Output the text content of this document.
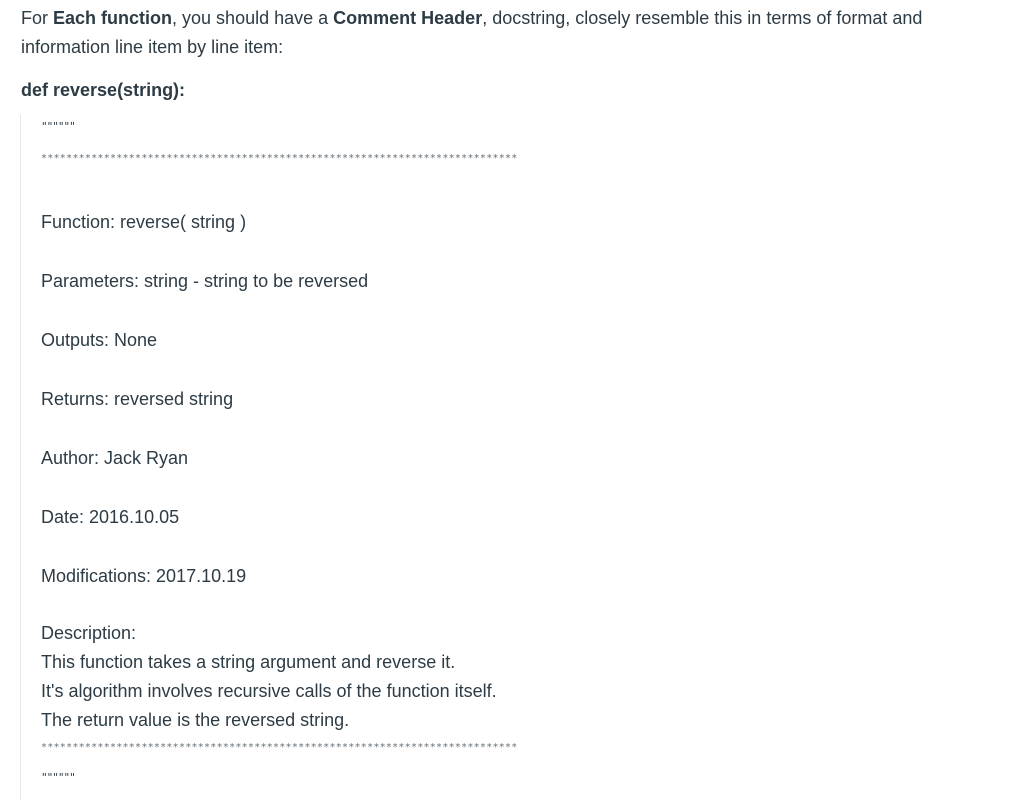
For Each function, you should have a Comment Header, docstring, closely resemble this in terms of format and information line item by line item:

def reverse(string):

""""""
****************************************************************************

Function: reverse( string )

Parameters: string - string to be reversed

Outputs: None

Returns: reversed string

Author: Jack Ryan

Date: 2016.10.05

Modifications: 2017.10.19

Description:
This function takes a string argument and reverse it.
It's algorithm involves recursive calls of the function itself.
The return value is the reversed string.
****************************************************************************
""""""
